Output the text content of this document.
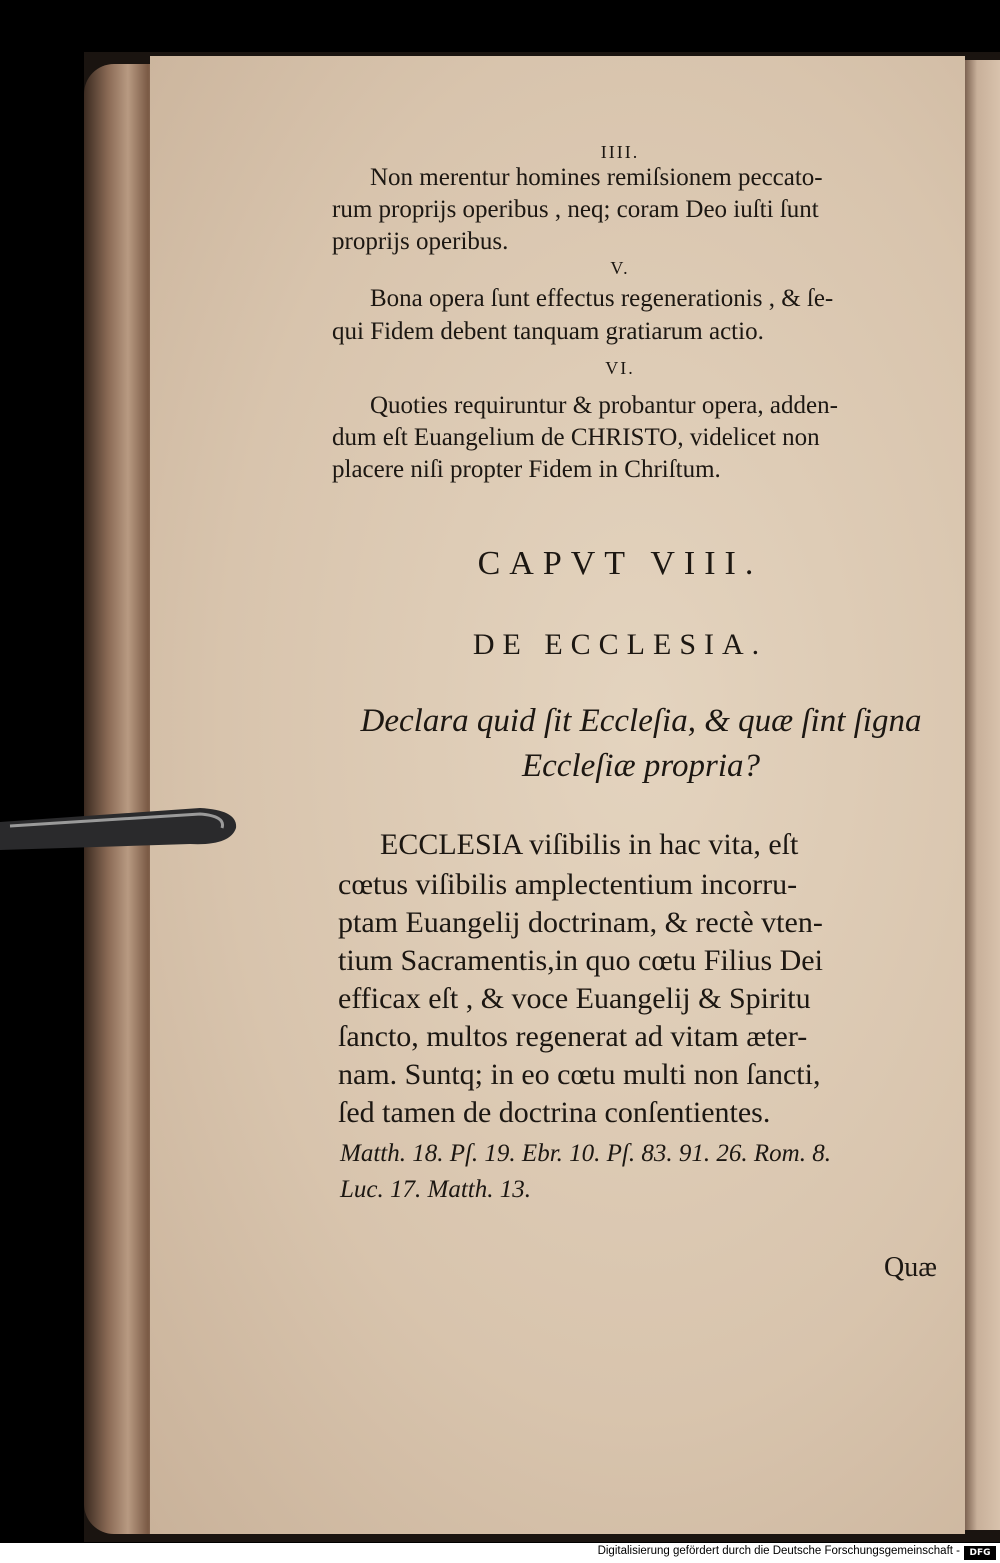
IIII.
Non merentur homines remiſsionem peccato-
rum proprijs operibus , neq; coram Deo iuſti ſunt
proprijs operibus.
V.
Bona opera ſunt effectus regenerationis , & ſe-
qui Fidem debent tanquam gratiarum actio.
VI.
Quoties requiruntur & probantur opera, adden-
dum eſt Euangelium de CHRISTO, videlicet non
placere niſi propter Fidem in Chriſtum.
CAPVT VIII.
DE ECCLESIA.
Declara quid ſit Eccleſia, & quæ ſint ſigna
Eccleſiæ propria?
ECCLESIA viſibilis in hac vita, eſt
cœtus viſibilis amplectentium incorru-
ptam Euangelij doctrinam, & rectè vten-
tium Sacramentis,in quo cœtu Filius Dei
efficax eſt , & voce Euangelij & Spiritu
ſancto, multos regenerat ad vitam æter-
nam. Suntq; in eo cœtu multi non ſancti,
ſed tamen de doctrina conſentientes.
Matth. 18. Pſ. 19. Ebr. 10. Pſ. 83. 91. 26. Rom. 8.
Luc. 17. Matth. 13.
Quæ
Digitalisierung gefördert durch die Deutsche Forschungsgemeinschaft -	DFG
